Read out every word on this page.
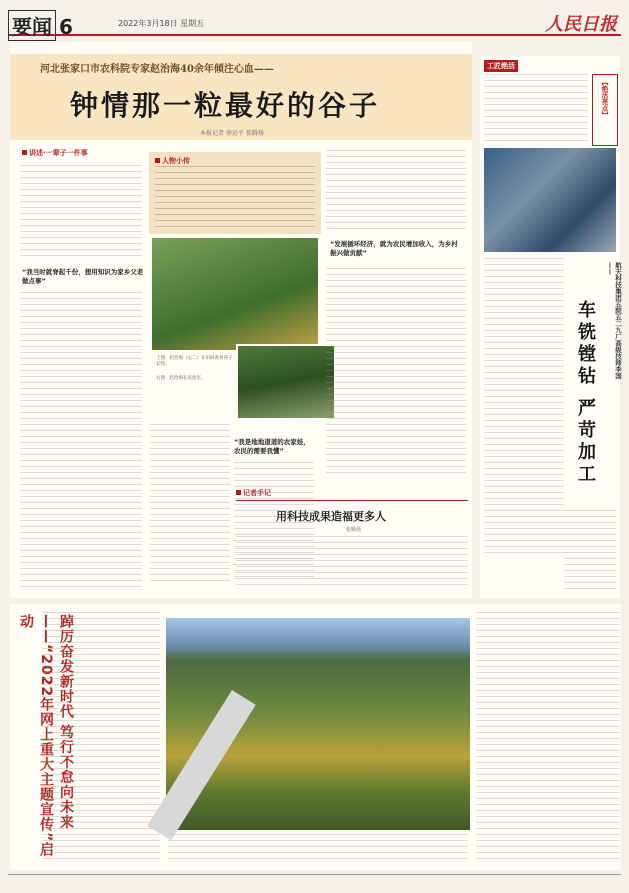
要闻 6	2022年3月18日 星期五	人民日报
河北张家口市农科院专家赵治海40余年倾注心血——
钟情那一粒最好的谷子
本报记者 徐运平 张腾扬
讲述·一辈子一件事

“我当时就脊起千份，想用知识为家乡父老做点事”
人物小传
上图：赵治海（左二）在田间查看谷子长势。
右图：赵治海在实验室。
“我是地地道道的农家娃，农民的需要我懂”
“发展循环经济，就为农民增加收入，为乡村振兴做贡献”
记者手记
用科技成果造福更多人
张腾扬
工匠绝活
【绝活亮点】
航天科技集团五院五二九厂高级技师李国——
车铣镗钻 严苛加工
踔厉奋发新时代 笃行不怠向未来——“2022年网上重大主题宣传”启动
